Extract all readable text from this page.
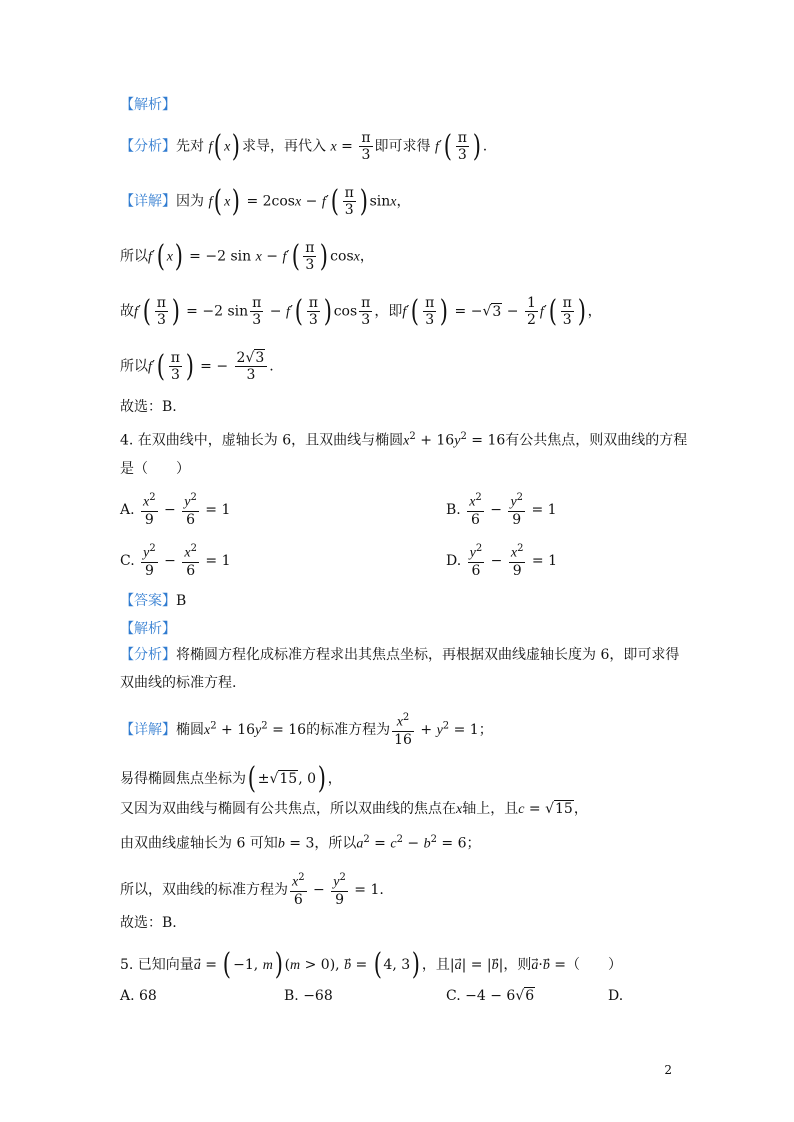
【解析】
【分析】先对 f( x) 求导，再代入 $x = \frac{\pi}{3}$ 即可求得 $f'( \frac{\pi}{3}$ ) .
【详解】因为 f( $x) = 2\cos x - f'( \frac{\pi}{3}$ ) sinx，
所以f′( x) = −2 $\sin x - f'( \frac{\pi}{3}$ ) cosx，
故$f'( \frac{\pi}{3}$ ) = −2 $\sin \frac{\pi}{3} - f'( \frac{\pi}{3}$ ) $\cos \frac{\pi}{3}$ ，即$f'( \frac{\pi}{3}$ ) = $-√3 - \frac{1}{2} f'( \frac{\pi}{3}$ ) ，
所以$f'( \frac{\pi}{3}$ ) = − $\frac{2√3}{3}$ .
故选：B.
4. 在双曲线中，虚轴长为 6，且双曲线与椭圆$x^2 + 16y^2 = 16$有公共焦点，则双曲线的方程
是（　　）
A. $\frac{x^2}{9} - \frac{y^2}{6} = 1$	B. $\frac{x^2}{6} - \frac{y^2}{9} = 1$
C. $\frac{y^2}{9} - \frac{x^2}{6} = 1$	D. $\frac{y^2}{6} - \frac{x^2}{9} = 1$
【答案】B
【解析】
【分析】将椭圆方程化成标准方程求出其焦点坐标，再根据双曲线虚轴长度为 6，即可求得
双曲线的标准方程.
【详解】椭圆$x^2 + 16y^2 = 16$的标准方程为 $\frac{x^2}{16} + y^2 = 1$；
易得椭圆焦点坐标为( ±√15, 0) ，
又因为双曲线与椭圆有公共焦点，所以双曲线的焦点在x轴上，且c = √15，
由双曲线虚轴长为 6 可知b = 3，所以$a^2 = c^2 - b^2 = 6$；
所以，双曲线的标准方程为 $\frac{x^2}{6} - \frac{y^2}{9} = 1$.
故选：B.
5. 已知向量a⃗ = ( −1, m) (m > 0), b⃗ = ( 4, 3) ，且|a⃗| = |b⃗|，则a⃗·b⃗ =（　　）
A. 68	B. −68	C. −4 − 6√6	D.
2
